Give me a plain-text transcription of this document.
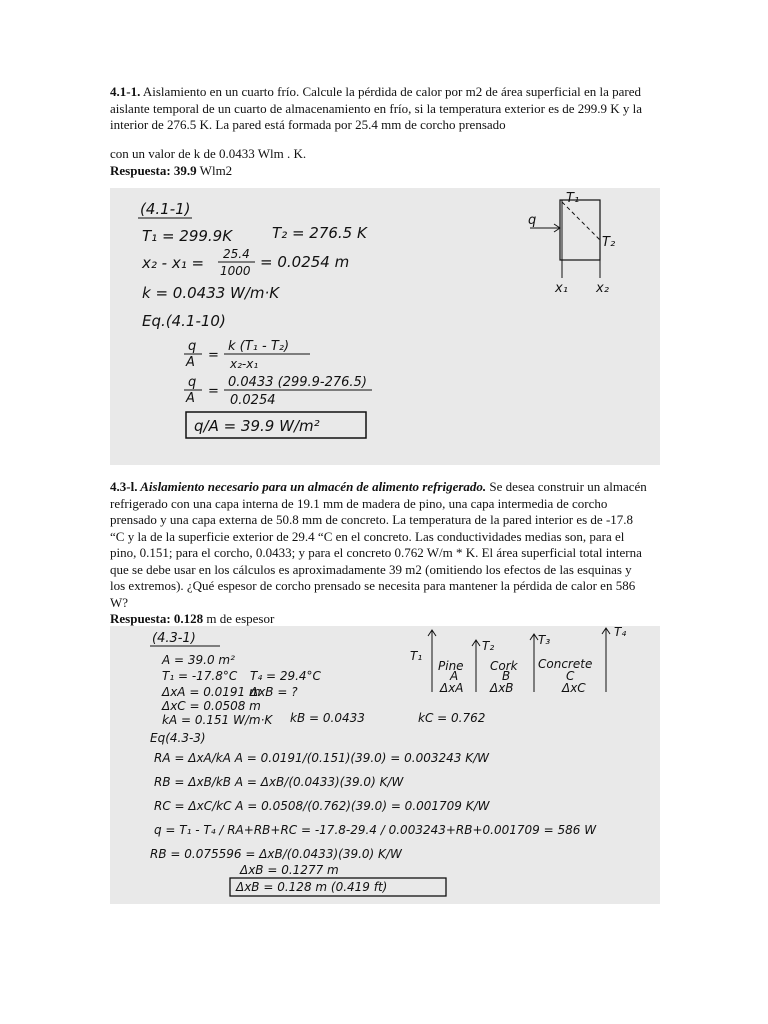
4.1-1. Aislamiento en un cuarto frío. Calcule la pérdida de calor por m2 de área superficial en la pared aislante temporal de un cuarto de almacenamiento en frío, si la temperatura exterior es de 299.9 K y la interior de 276.5 K. La pared está formada por 25.4 mm de corcho prensado
con un valor de k de 0.0433 Wlm . K.
Respuesta: 39.9 Wlm2
(4.1-1)
T₁ = 299.9K	T₂ = 276.5 K
x₂ - x₁ = 25.4
1000 = 0.0254 m
k = 0.0433 W/m·K
Eq.(4.1-10)
q
A =
k (T₁ - T₂)
x₂-x₁
q
A =
0.0433 (299.9-276.5)
0.0254
q/A = 39.9 W/m²
q
T₁
T₂
x₁ x₂
4.3-l. Aislamiento necesario para un almacén de alimento refrigerado. Se desea construir un almacén refrigerado con una capa interna de 19.1 mm de madera de pino, una capa intermedia de corcho prensado y una capa externa de 50.8 mm de concreto. La temperatura de la pared interior es de -17.8 “C y la de la superficie exterior de 29.4 “C en el concreto. Las conductividades medias son, para el pino, 0.151; para el corcho, 0.0433; y para el concreto 0.762 W/m * K. El área superficial total interna que se debe usar en los cálculos es aproximadamente 39 m2 (omitiendo los efectos de las esquinas y los extremos). ¿Qué espesor de corcho prensado se necesita para mantener la pérdida de calor en 586 W?
Respuesta: 0.128 m de espesor
(4.3-1)
A = 39.0 m²
T₁ = -17.8°C T₄ = 29.4°C
ΔxA = 0.0191 m
ΔxB = ?
ΔxC = 0.0508 m
kA = 0.151 W/m·K kB = 0.0433	kC = 0.762
Eq(4.3-3)
RA = ΔxA/kA A = 0.0191/(0.151)(39.0) = 0.003243 K/W
RB = ΔxB/kB A = ΔxB/(0.0433)(39.0) K/W
RC = ΔxC/kC A = 0.0508/(0.762)(39.0) = 0.001709 K/W
q = T₁ - T₄ / RA+RB+RC = -17.8-29.4 / 0.003243+RB+0.001709 = 586 W
RB = 0.075596 = ΔxB/(0.0433)(39.0) K/W
ΔxB = 0.1277 m
ΔxB = 0.128 m (0.419 ft)
T₁
T₂	T₃
T₄
Pine Cork Concrete
A	B	C
ΔxA ΔxB	ΔxC
